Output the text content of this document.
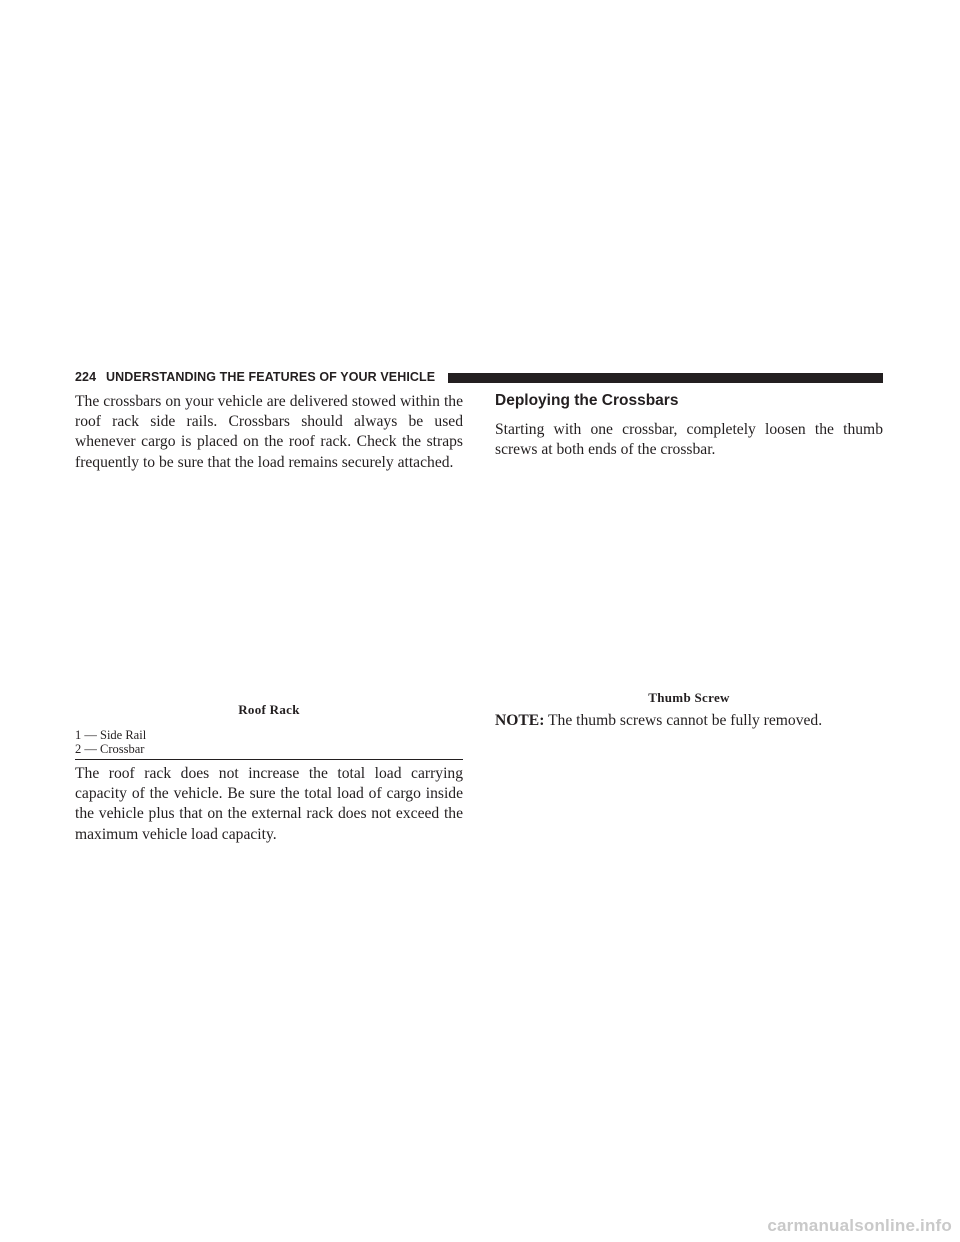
224 UNDERSTANDING THE FEATURES OF YOUR VEHICLE

The crossbars on your vehicle are delivered stowed within the roof rack side rails. Crossbars should always be used whenever cargo is placed on the roof rack. Check the straps frequently to be sure that the load remains securely attached.

Roof Rack
1 — Side Rail
2 — Crossbar

The roof rack does not increase the total load carrying capacity of the vehicle. Be sure the total load of cargo inside the vehicle plus that on the external rack does not exceed the maximum vehicle load capacity.

Deploying the Crossbars

Starting with one crossbar, completely loosen the thumb screws at both ends of the crossbar.

Thumb Screw

NOTE: The thumb screws cannot be fully removed.

carmanualsonline.info
